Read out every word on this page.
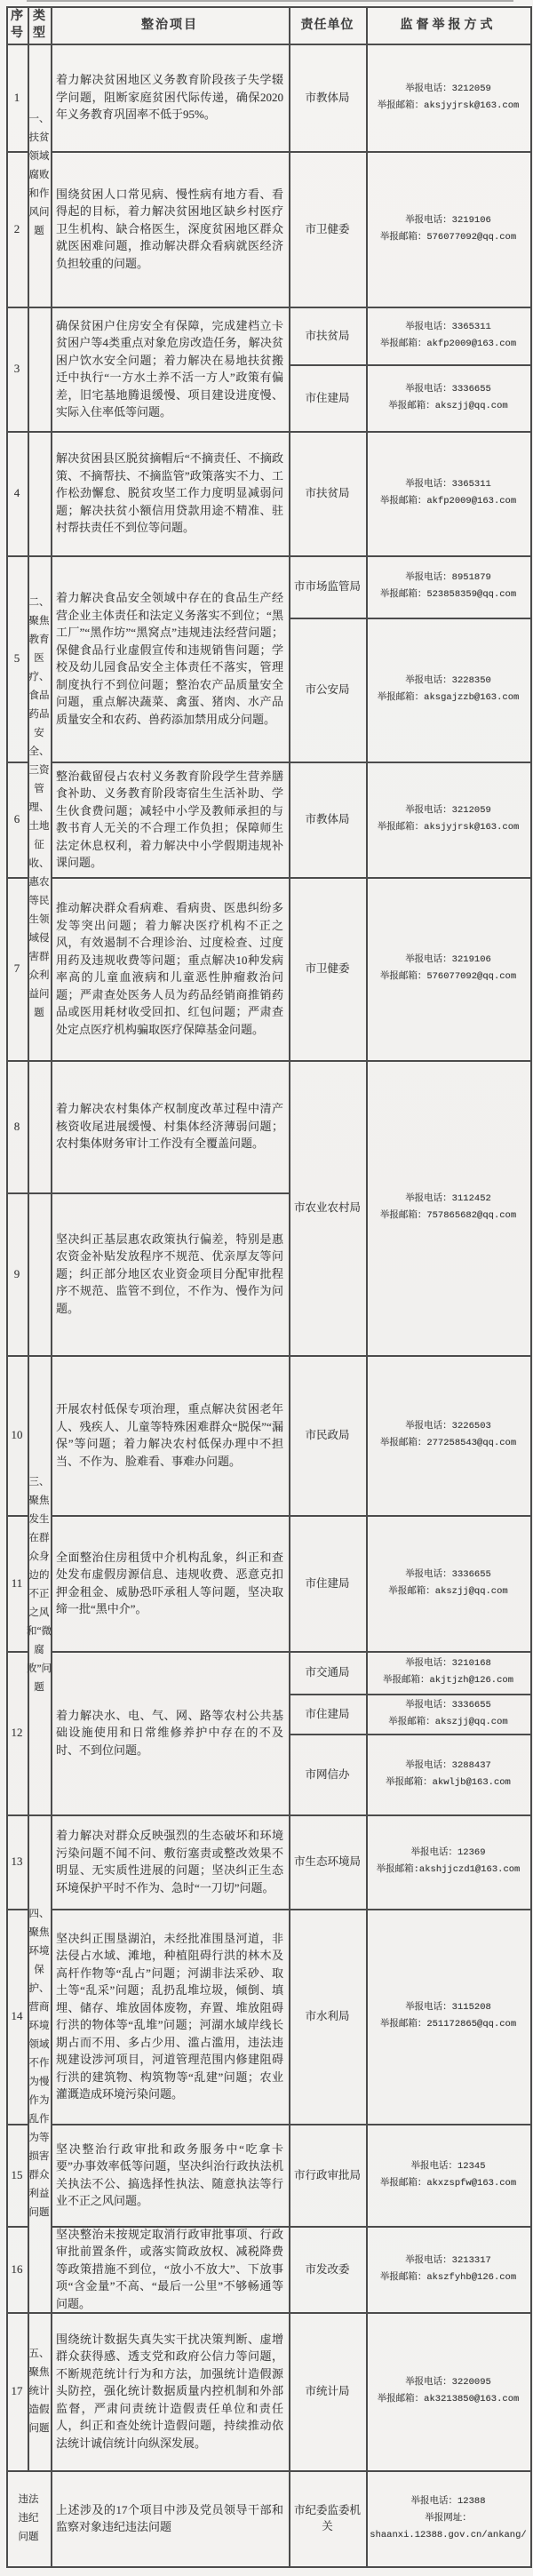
序号
类型
整治项目	责任单位	监督举报方式
一、扶贫领域腐败和作风问题
二、聚焦教育医疗、食品药品安全、三资管理、土地征收、惠农等民生领域侵害群众利益问题
三、聚焦发生在群众身边的不正之风和“微腐败”问题
四、聚焦环境保护、营商环境领域不作为慢作为乱作为等损害群众利益问题
五、聚焦统计造假问题
1
着力解决贫困地区义务教育阶段孩子失学辍学问题，阻断家庭贫困代际传递，确保2020年义务教育巩固率不低于95%。
市教体局
举报电话：3212059
举报邮箱：aksjyjrsk@163.com
2
围绕贫困人口常见病、慢性病有地方看、看得起的目标，着力解决贫困地区缺乡村医疗卫生机构、缺合格医生，深度贫困地区群众就医困难问题，推动解决群众看病就医经济负担较重的问题。
市卫健委
举报电话：3219106
举报邮箱：576077092@qq.com
3
确保贫困户住房安全有保障，完成建档立卡贫困户等4类重点对象危房改造任务，解决贫困户饮水安全问题；着力解决在易地扶贫搬迁中执行“一方水土养不活一方人”政策有偏差，旧宅基地腾退缓慢、项目建设进度慢、实际入住率低等问题。
市扶贫局
举报电话：3365311
举报邮箱：akfp2009@163.com
市住建局
举报电话：3336655
举报邮箱：akszjj@qq.com
4
解决贫困县区脱贫摘帽后“不摘责任、不摘政策、不摘帮扶、不摘监管”政策落实不力、工作松劲懈怠、脱贫攻坚工作力度明显减弱问题；解决扶贫小额信用贷款用途不精准、驻村帮扶责任不到位等问题。
市扶贫局
举报电话：3365311
举报邮箱：akfp2009@163.com
5
着力解决食品安全领域中存在的食品生产经营企业主体责任和法定义务落实不到位；“黑工厂”“黑作坊”“黑窝点”违规违法经营问题；保健食品行业虚假宣传和违规销售问题；学校及幼儿园食品安全主体责任不落实，管理制度执行不到位问题；整治农产品质量安全问题，重点解决蔬菜、禽蛋、猪肉、水产品质量安全和农药、兽药添加禁用成分问题。
市市场监管局
举报电话：8951879
举报邮箱：523858359@qq.com
市公安局
举报电话：3228350
举报邮箱：aksgajzzb@163.com
6
整治截留侵占农村义务教育阶段学生营养膳食补助、义务教育阶段寄宿生生活补助、学生伙食费问题；减轻中小学及教师承担的与教书育人无关的不合理工作负担；保障师生法定休息权利，着力解决中小学假期违规补课问题。
市教体局
举报电话：3212059
举报邮箱：aksjyjrsk@163.com
7
推动解决群众看病难、看病贵、医患纠纷多发等突出问题；着力解决医疗机构不正之风，有效遏制不合理诊治、过度检查、过度用药及违规收费等问题；重点解决10种发病率高的儿童血液病和儿童恶性肿瘤救治问题；严肃查处医务人员为药品经销商推销药品或医用耗材收受回扣、红包问题；严肃查处定点医疗机构骗取医疗保障基金问题。
市卫健委
举报电话：3219106
举报邮箱：576077092@qq.com
8
着力解决农村集体产权制度改革过程中清产核资收尾进展缓慢、村集体经济薄弱问题；农村集体财务审计工作没有全覆盖问题。
市农业农村局
举报电话：3112452
举报邮箱：757865682@qq.com
9
坚决纠正基层惠农政策执行偏差，特别是惠农资金补贴发放程序不规范、优亲厚友等问题；纠正部分地区农业资金项目分配审批程序不规范、监管不到位，不作为、慢作为问题。
10
开展农村低保专项治理，重点解决贫困老年人、残疾人、儿童等特殊困难群众“脱保”“漏保”等问题；着力解决农村低保办理中不担当、不作为、脸难看、事难办问题。
市民政局
举报电话：3226503
举报邮箱：277258543@qq.com
11
全面整治住房租赁中介机构乱象，纠正和查处发布虚假房源信息、违规收费、恶意克扣押金租金、威胁恐吓承租人等问题，坚决取缔一批“黑中介”。
市住建局
举报电话：3336655
举报邮箱：akszjj@qq.com
12
着力解决水、电、气、网、路等农村公共基础设施使用和日常维修养护中存在的不及时、不到位问题。
市交通局
举报电话：3210168
举报邮箱：akjtjzh@126.com
市住建局
举报电话：3336655
举报邮箱：akszjj@qq.com
市网信办
举报电话：3288437
举报邮箱：akwljb@163.com
13
着力解决对群众反映强烈的生态破坏和环境污染问题不闻不问、敷衍塞责或整改效果不明显、无实质性进展的问题；坚决纠正生态环境保护平时不作为、急时“一刀切”问题。
市生态环境局
举报电话：12369
举报邮箱:akshjjczd1@163.com
14
坚决纠正围垦湖泊，未经批准围垦河道，非法侵占水域、滩地，种植阻碍行洪的林木及高杆作物等“乱占”问题；河湖非法采砂、取土等“乱采”问题；乱扔乱堆垃圾，倾倒、填埋、储存、堆放固体废物，弃置、堆放阻碍行洪的物体等“乱堆”问题；河湖水域岸线长期占而不用、多占少用、滥占滥用，违法违规建设涉河项目，河道管理范围内修建阻碍行洪的建筑物、构筑物等“乱建”问题；农业灌溉造成环境污染问题。
市水利局
举报电话：3115208
举报邮箱：251172865@qq.com
15
坚决整治行政审批和政务服务中“吃拿卡要”办事效率低等问题，坚决纠治行政执法机关执法不公、搞选择性执法、随意执法等行业不正之风问题。
市行政审批局
举报电话：12345
举报邮箱：akxzspfw@163.com
16
坚决整治未按规定取消行政审批事项、行政审批前置条件，或落实简政放权、减税降费等政策措施不到位，“放小不放大”、下放事项“含金量”不高、“最后一公里”不够畅通等问题。
市发改委
举报电话：3213317
举报邮箱：akszfyhb@126.com
17
围绕统计数据失真失实干扰决策判断、虚增群众获得感、透支党和政府公信力等问题，不断规范统计行为和方法，加强统计造假源头防控，强化统计数据质量内控机制和外部监督，严肃问责统计造假责任单位和责任人，纠正和查处统计造假问题，持续推动依法统计诚信统计向纵深发展。
市统计局
举报电话：3220095
举报邮箱：ak3213850@163.com
违法违纪问题
上述涉及的17个项目中涉及党员领导干部和监察对象违纪违法问题
市纪委监委机关
举报电话：12388
举报网址：
shaanxi.12388.gov.cn/ankang/
